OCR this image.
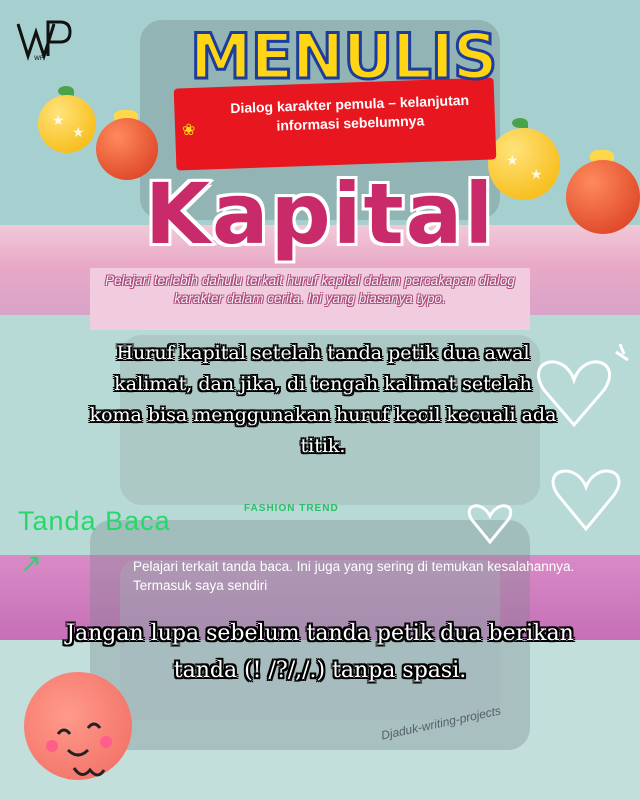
WP
★
★
★
★
Dialog karakter pemula – kelanjutan informasi sebelumnya
❀
MENULIS
Kapital
Pelajari terlebih dahulu terkait huruf kapital dalam percakapan dialog karakter dalam cerita. Ini yang biasanya typo.
Huruf kapital setelah tanda petik dua awal kalimat, dan jika, di tengah kalimat setelah koma bisa menggunakan huruf kecil kecuali ada titik.
Tanda Baca
↗
FASHION TREND
Pelajari terkait tanda baca. Ini juga yang sering di temukan kesalahannya. Termasuk saya sendiri
Jangan lupa sebelum tanda petik dua berikan tanda (! /?/,/.) tanpa spasi.
Djaduk-writing-projects
